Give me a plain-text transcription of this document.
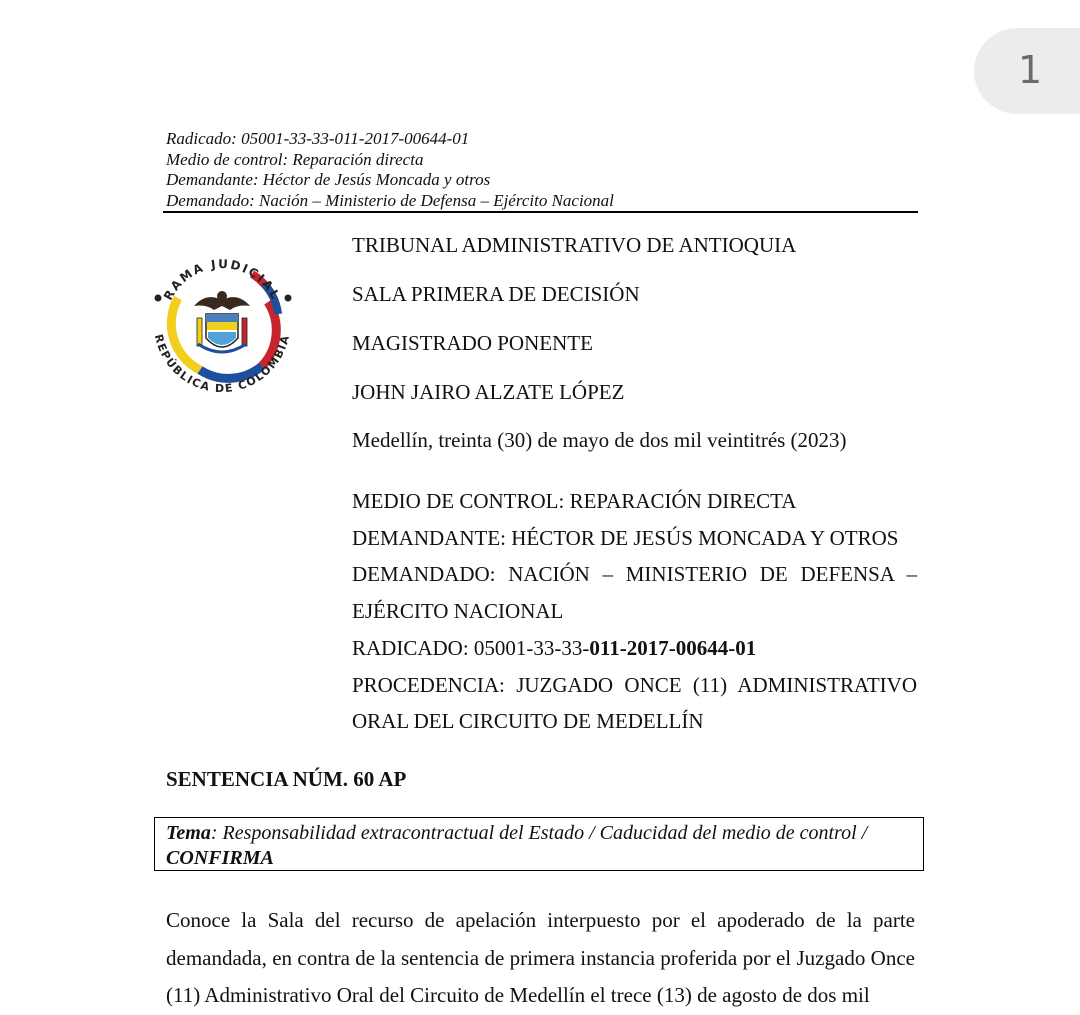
1
Radicado: 05001-33-33-011-2017-00644-01
Medio de control: Reparación directa
Demandante: Héctor de Jesús Moncada y otros
Demandado: Nación – Ministerio de Defensa – Ejército Nacional
RAMA JUDICIAL
REPÚBLICA DE COLOMBIA
TRIBUNAL ADMINISTRATIVO DE ANTIOQUIA
SALA PRIMERA DE DECISIÓN
MAGISTRADO PONENTE
JOHN JAIRO ALZATE LÓPEZ
Medellín, treinta (30) de mayo de dos mil veintitrés (2023)
MEDIO DE CONTROL: REPARACIÓN DIRECTA
DEMANDANTE: HÉCTOR DE JESÚS MONCADA Y OTROS
DEMANDADO: NACIÓN – MINISTERIO DE DEFENSA –
EJÉRCITO NACIONAL
RADICADO: 05001-33-33-011-2017-00644-01
PROCEDENCIA: JUZGADO ONCE (11) ADMINISTRATIVO
ORAL DEL CIRCUITO DE MEDELLÍN
SENTENCIA NÚM. 60 AP
Tema: Responsabilidad extracontractual del Estado / Caducidad del medio de control /
CONFIRMA
Conoce la Sala del recurso de apelación interpuesto por el apoderado de la parte demandada, en contra de la sentencia de primera instancia proferida por el Juzgado Once (11) Administrativo Oral del Circuito de Medellín el trece (13) de agosto de dos mil
